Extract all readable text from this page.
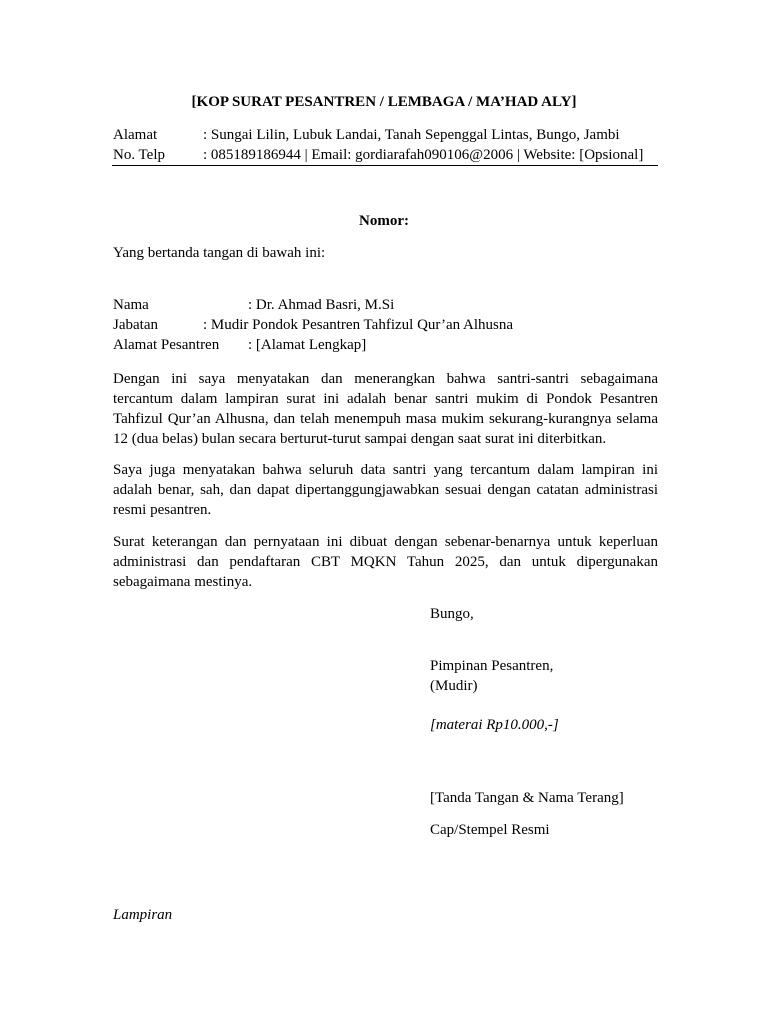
[KOP SURAT PESANTREN / LEMBAGA / MA’HAD ALY]
Alamat	: Sungai Lilin, Lubuk Landai, Tanah Sepenggal Lintas, Bungo, Jambi
No. Telp	: 085189186944 | Email: gordiarafah090106@2006 | Website: [Opsional]
Nomor:
Yang bertanda tangan di bawah ini:
Nama	: Dr. Ahmad Basri, M.Si
Jabatan	: Mudir Pondok Pesantren Tahfizul Qur’an Alhusna
Alamat Pesantren : [Alamat Lengkap]
Dengan ini saya menyatakan dan menerangkan bahwa santri-santri sebagaimana tercantum dalam lampiran surat ini adalah benar santri mukim di Pondok Pesantren Tahfizul Qur’an Alhusna, dan telah menempuh masa mukim sekurang-kurangnya selama 12 (dua belas) bulan secara berturut-turut sampai dengan saat surat ini diterbitkan.
Saya juga menyatakan bahwa seluruh data santri yang tercantum dalam lampiran ini adalah benar, sah, dan dapat dipertanggungjawabkan sesuai dengan catatan administrasi resmi pesantren.
Surat keterangan dan pernyataan ini dibuat dengan sebenar-benarnya untuk keperluan administrasi dan pendaftaran CBT MQKN Tahun 2025, dan untuk dipergunakan sebagaimana mestinya.
Bungo,
Pimpinan Pesantren,
(Mudir)
[materai Rp10.000,-]
[Tanda Tangan & Nama Terang]
Cap/Stempel Resmi
Lampiran
